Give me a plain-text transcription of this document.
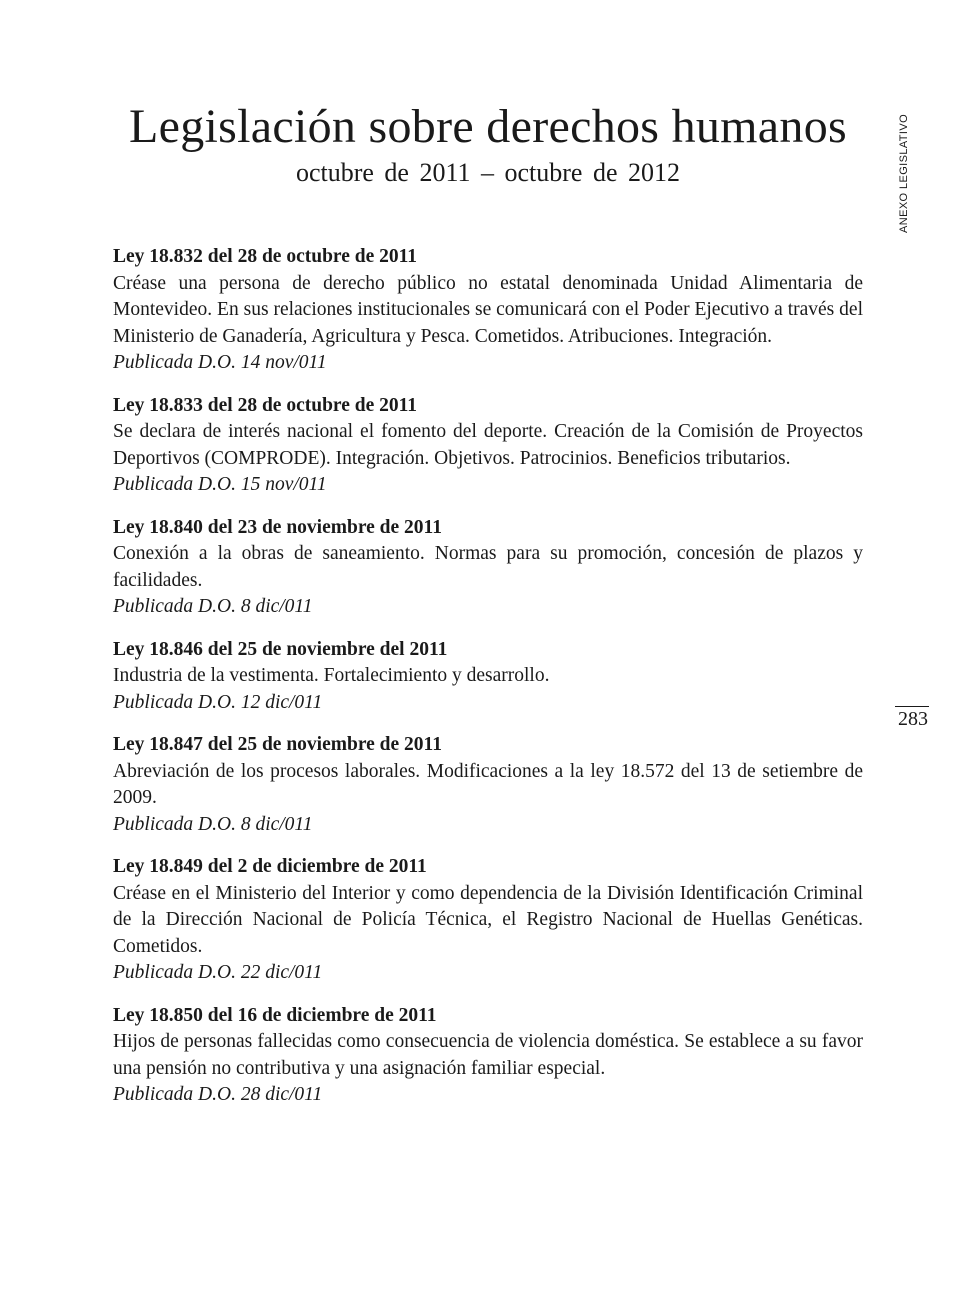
Legislación sobre derechos humanos
octubre de 2011 – octubre de 2012	ANEXO LEGISLATIVO
283
Ley 18.832 del 28 de octubre de 2011
Créase una persona de derecho público no estatal denominada Unidad Alimentaria de Montevideo. En sus relaciones institucionales se comunicará con el Poder Ejecutivo a través del Ministerio de Ganadería, Agricultura y Pesca. Cometidos. Atribuciones. Integración.
Publicada D.O. 14 nov/011
Ley 18.833 del 28 de octubre de 2011
Se declara de interés nacional el fomento del deporte. Creación de la Comisión de Proyectos Deportivos (COMPRODE). Integración. Objetivos. Patrocinios. Beneficios tributarios.
Publicada D.O. 15 nov/011
Ley 18.840 del 23 de noviembre de 2011
Conexión a la obras de saneamiento. Normas para su promoción, concesión de plazos y facilidades.
Publicada D.O. 8 dic/011
Ley 18.846 del 25 de noviembre del 2011
Industria de la vestimenta. Fortalecimiento y desarrollo.
Publicada D.O. 12 dic/011
Ley 18.847 del 25 de noviembre de 2011
Abreviación de los procesos laborales. Modificaciones a la ley 18.572 del 13 de setiembre de 2009.
Publicada D.O. 8 dic/011
Ley 18.849 del 2 de diciembre de 2011
Créase en el Ministerio del Interior y como dependencia de la División Identificación Criminal de la Dirección Nacional de Policía Técnica, el Registro Nacional de Huellas Genéticas. Cometidos.
Publicada D.O. 22 dic/011
Ley 18.850 del 16 de diciembre de 2011
Hijos de personas fallecidas como consecuencia de violencia doméstica. Se establece a su favor una pensión no contributiva y una asignación familiar especial.
Publicada D.O. 28 dic/011
